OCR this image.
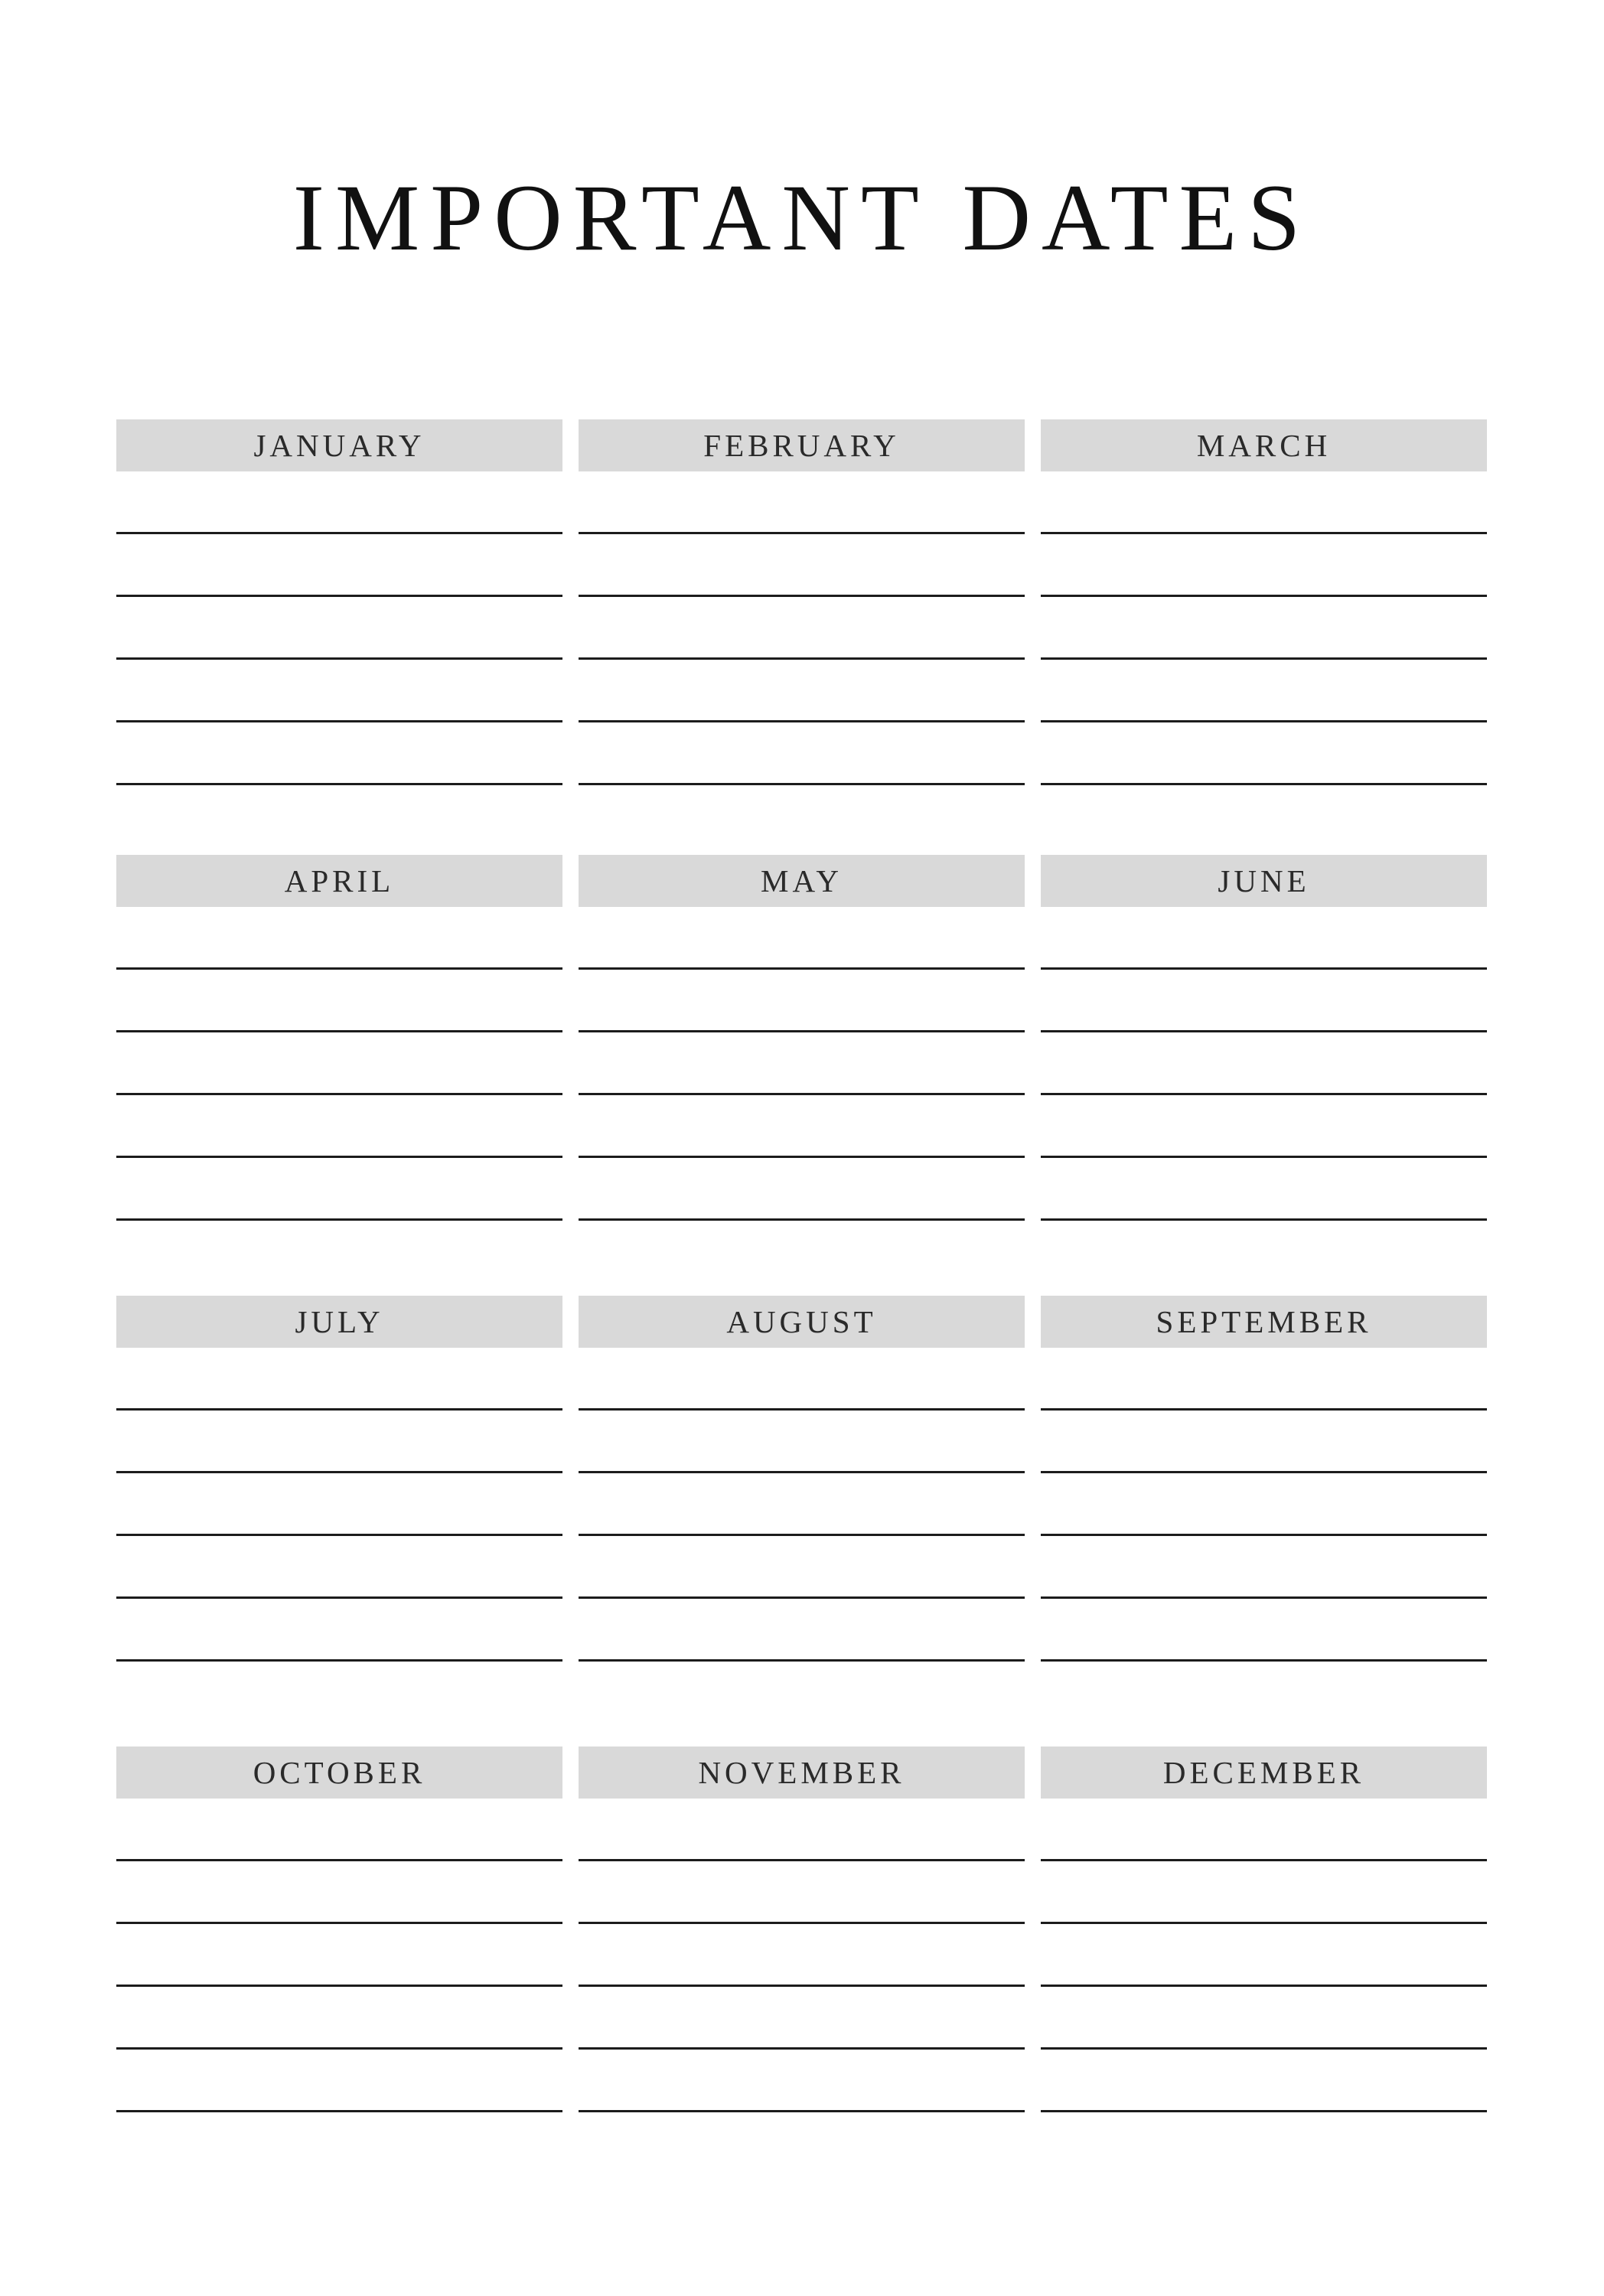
IMPORTANT DATES
JANUARY	FEBRUARY	MARCH
APRIL	MAY	JUNE
JULY	AUGUST	SEPTEMBER
OCTOBER	NOVEMBER	DECEMBER
